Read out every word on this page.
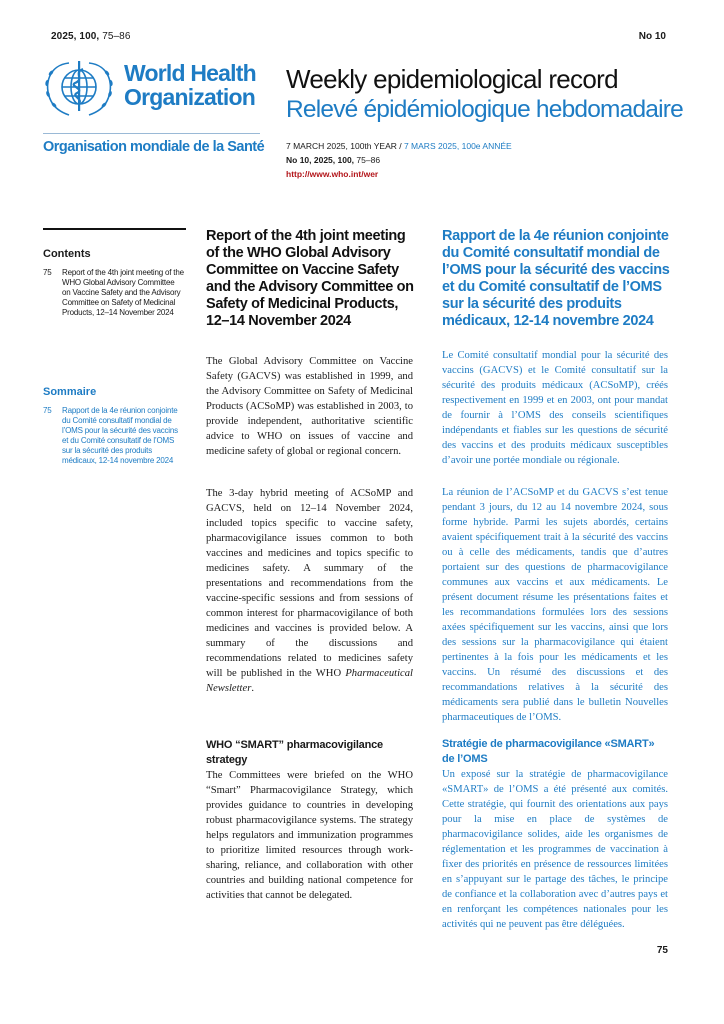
2025, 100, 75–86	No 10
World Health
Organization
Organisation mondiale de la Santé
Weekly epidemiological record
Relevé épidémiologique hebdomadaire
7 MARCH 2025, 100th YEAR / 7 MARS 2025, 100e ANNÉE
No 10, 2025, 100, 75–86
http://www.who.int/wer
Contents
75 Report of the 4th joint meeting of the WHO Global Advisory Committee on Vaccine Safety and the Advisory Committee on Safety of Medicinal Products, 12–14 November 2024
Sommaire
75 Rapport de la 4e réunion conjointe du Comité consultatif mondial de l’OMS pour la sécurité des vaccins et du Comité consultatif de l’OMS sur la sécurité des produits médicaux, 12-14 novembre 2024
Report of the 4th joint meeting of the WHO Global Advisory Committee on Vaccine Safety and the Advisory Committee on Safety of Medicinal Products, 12–14 November 2024
The Global Advisory Committee on Vaccine Safety (GACVS) was established in 1999, and the Advisory Committee on Safety of Medicinal Products (ACSoMP) was established in 2003, to provide independent, authoritative scientific advice to WHO on issues of vaccine and medicine safety of global or regional concern.
The 3-day hybrid meeting of ACSoMP and GACVS, held on 12–14 November 2024, included topics specific to vaccine safety, pharmacovigilance issues common to both vaccines and medicines and topics specific to medicines safety. A summary of the presentations and recommendations from the vaccine-specific sessions and from sessions of common interest for pharmacovigilance of both medicines and vaccines is provided below. A summary of the discussions and recommendations related to medicines safety will be published in the WHO Pharmaceutical Newsletter.
WHO “SMART” pharmacovigilance strategy
The Committees were briefed on the WHO “Smart” Pharmacovigilance Strategy, which provides guidance to countries in developing robust pharmacovigilance systems. The strategy helps regulators and immunization programmes to prioritize limited resources through work-sharing, reliance, and collaboration with other countries and building national competence for activities that cannot be delegated.
Rapport de la 4e réunion conjointe du Comité consultatif mondial de l’OMS pour la sécurité des vaccins et du Comité consultatif de l’OMS sur la sécurité des produits médicaux, 12-14 novembre 2024
Le Comité consultatif mondial pour la sécurité des vaccins (GACVS) et le Comité consultatif sur la sécurité des produits médicaux (ACSoMP), créés respectivement en 1999 et en 2003, ont pour mandat de fournir à l’OMS des conseils scientifiques indépendants et fiables sur les questions de sécurité des vaccins et des produits médicaux susceptibles d’avoir une portée mondiale ou régionale.
La réunion de l’ACSoMP et du GACVS s’est tenue pendant 3 jours, du 12 au 14 novembre 2024, sous forme hybride. Parmi les sujets abordés, certains avaient spécifiquement trait à la sécurité des vaccins ou à celle des médicaments, tandis que d’autres portaient sur des questions de pharmacovigilance communes aux vaccins et aux médicaments. Le présent document résume les présentations faites et les recommandations formulées lors des sessions axées spécifiquement sur les vaccins, ainsi que lors des sessions sur la pharmacovigilance qui étaient pertinentes à la fois pour les médicaments et les vaccins. Un résumé des discussions et des recommandations relatives à la sécurité des médicaments sera publié dans le bulletin Nouvelles pharmaceutiques de l’OMS.
Stratégie de pharmacovigilance «SMART» de l’OMS
Un exposé sur la stratégie de pharmacovigilance «SMART» de l’OMS a été présenté aux comités. Cette stratégie, qui fournit des orientations aux pays pour la mise en place de systèmes de pharmacovigilance solides, aide les organismes de réglementation et les programmes de vaccination à fixer des priorités en présence de ressources limitées en s’appuyant sur le partage des tâches, le principe de confiance et la collaboration avec d’autres pays et en renforçant les compétences nationales pour les activités qui ne peuvent pas être déléguées.
75
